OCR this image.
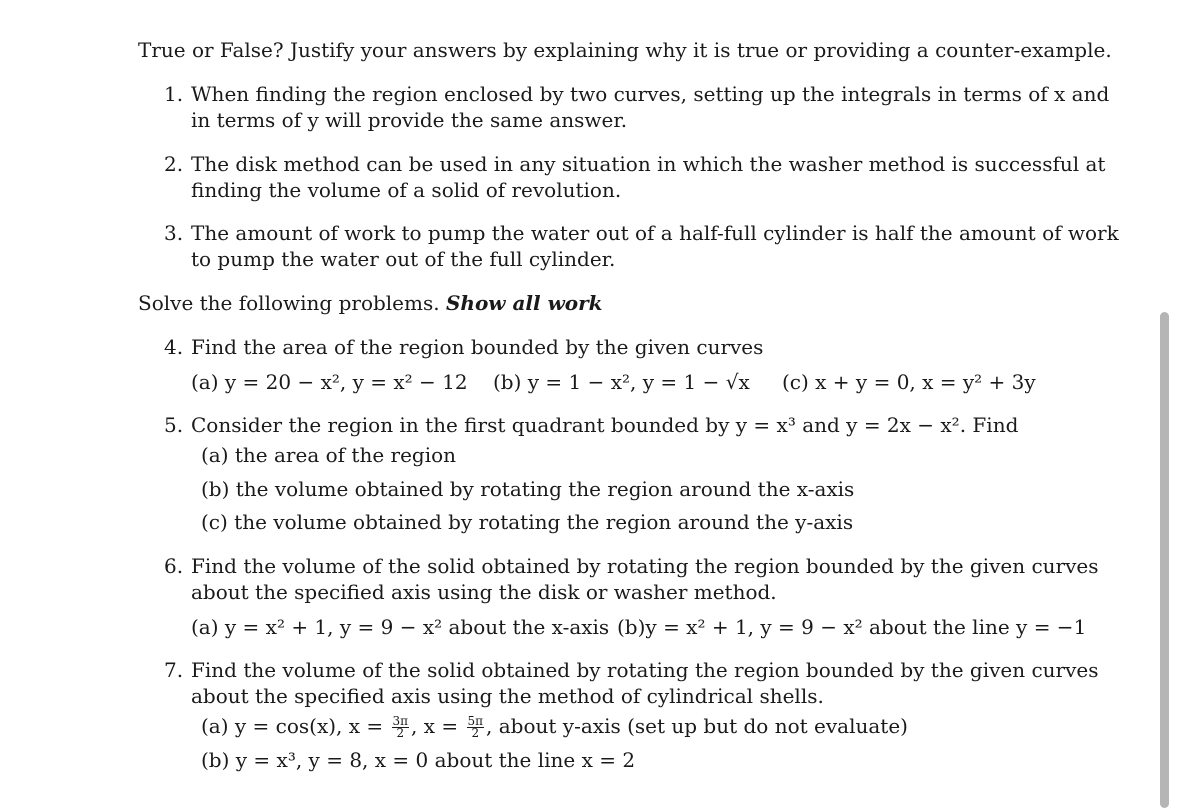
True or False? Justify your answers by explaining why it is true or providing a counter-example.
1. When finding the region enclosed by two curves, setting up the integrals in terms of x and
in terms of y will provide the same answer.
2. The disk method can be used in any situation in which the washer method is successful at
finding the volume of a solid of revolution.
3. The amount of work to pump the water out of a half-full cylinder is half the amount of work
to pump the water out of the full cylinder.
Solve the following problems. Show all work
4. Find the area of the region bounded by the given curves
(a) y = 20 − x², y = x² − 12 (b) y = 1 − x², y = 1 − √x (c) x + y = 0, x = y² + 3y
5. Consider the region in the first quadrant bounded by y = x³ and y = 2x − x². Find
(a) the area of the region
(b) the volume obtained by rotating the region around the x-axis
(c) the volume obtained by rotating the region around the y-axis
6. Find the volume of the solid obtained by rotating the region bounded by the given curves
about the specified axis using the disk or washer method.
(a) y = x² + 1, y = 9 − x² about the x-axis (b)y = x² + 1, y = 9 − x² about the line y = −1
7. Find the volume of the solid obtained by rotating the region bounded by the given curves
about the specified axis using the method of cylindrical shells.
(a) y = cos(x), $x = \frac{3\pi}{2}$ , $x = \frac{5\pi}{2}$ , about y-axis (set up but do not evaluate)
(b) y = x³, y = 8, x = 0 about the line x = 2
